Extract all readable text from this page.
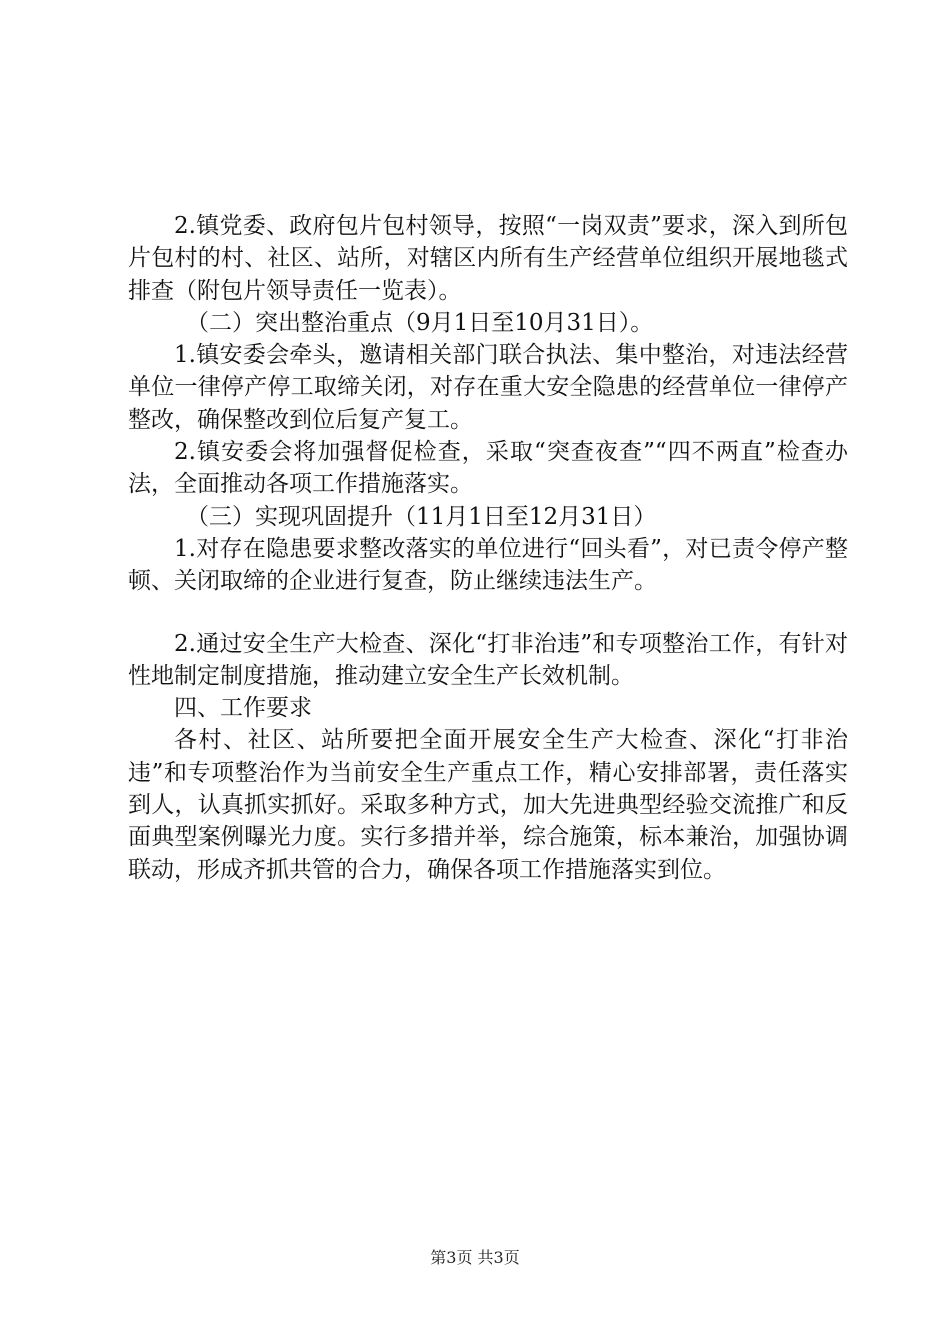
2.镇党委、政府包片包村领导，按照“一岗双责”要求，深入到所包片包村的村、社区、站所，对辖区内所有生产经营单位组织开展地毯式排查（附包片领导责任一览表）。

（二）突出整治重点（9月1日至10月31日）。

1.镇安委会牵头，邀请相关部门联合执法、集中整治，对违法经营单位一律停产停工取缔关闭，对存在重大安全隐患的经营单位一律停产整改，确保整改到位后复产复工。

2.镇安委会将加强督促检查，采取“突查夜查”“四不两直”检查办法，全面推动各项工作措施落实。

（三）实现巩固提升（11月1日至12月31日）

1.对存在隐患要求整改落实的单位进行“回头看”，对已责令停产整顿、关闭取缔的企业进行复查，防止继续违法生产。

2.通过安全生产大检查、深化“打非治违”和专项整治工作，有针对性地制定制度措施，推动建立安全生产长效机制。

四、工作要求

各村、社区、站所要把全面开展安全生产大检查、深化“打非治违”和专项整治作为当前安全生产重点工作，精心安排部署，责任落实到人，认真抓实抓好。采取多种方式，加大先进典型经验交流推广和反面典型案例曝光力度。实行多措并举，综合施策，标本兼治，加强协调联动，形成齐抓共管的合力，确保各项工作措施落实到位。

第3页 共3页
